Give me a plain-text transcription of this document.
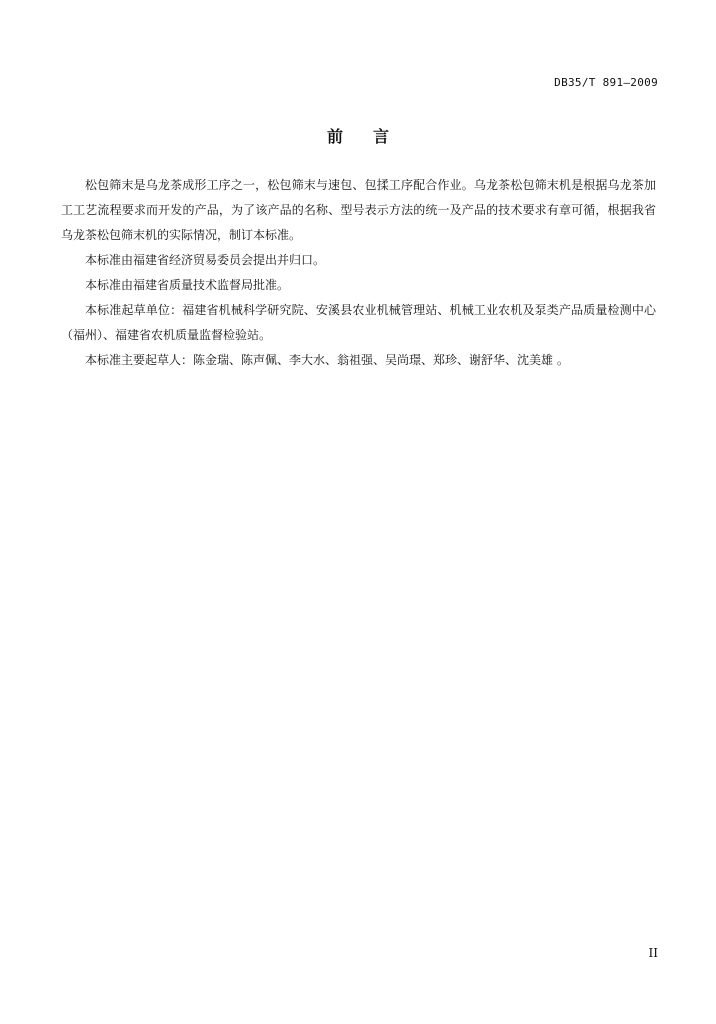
DB35/T 891—2009
前言

松包筛末是乌龙茶成形工序之一，松包筛末与速包、包揉工序配合作业。乌龙茶松包筛末机是根据乌龙茶加工工艺流程要求而开发的产品，为了该产品的名称、型号表示方法的统一及产品的技术要求有章可循，根据我省乌龙茶松包筛末机的实际情况，制订本标准。

本标准由福建省经济贸易委员会提出并归口。

本标准由福建省质量技术监督局批准。

本标准起草单位：福建省机械科学研究院、安溪县农业机械管理站、机械工业农机及泵类产品质量检测中心（福州）、福建省农机质量监督检验站。

本标准主要起草人：陈金瑞、陈声佩、李大水、翁祖强、吴尚璟、郑珍、谢舒华、沈美雄 。

II
